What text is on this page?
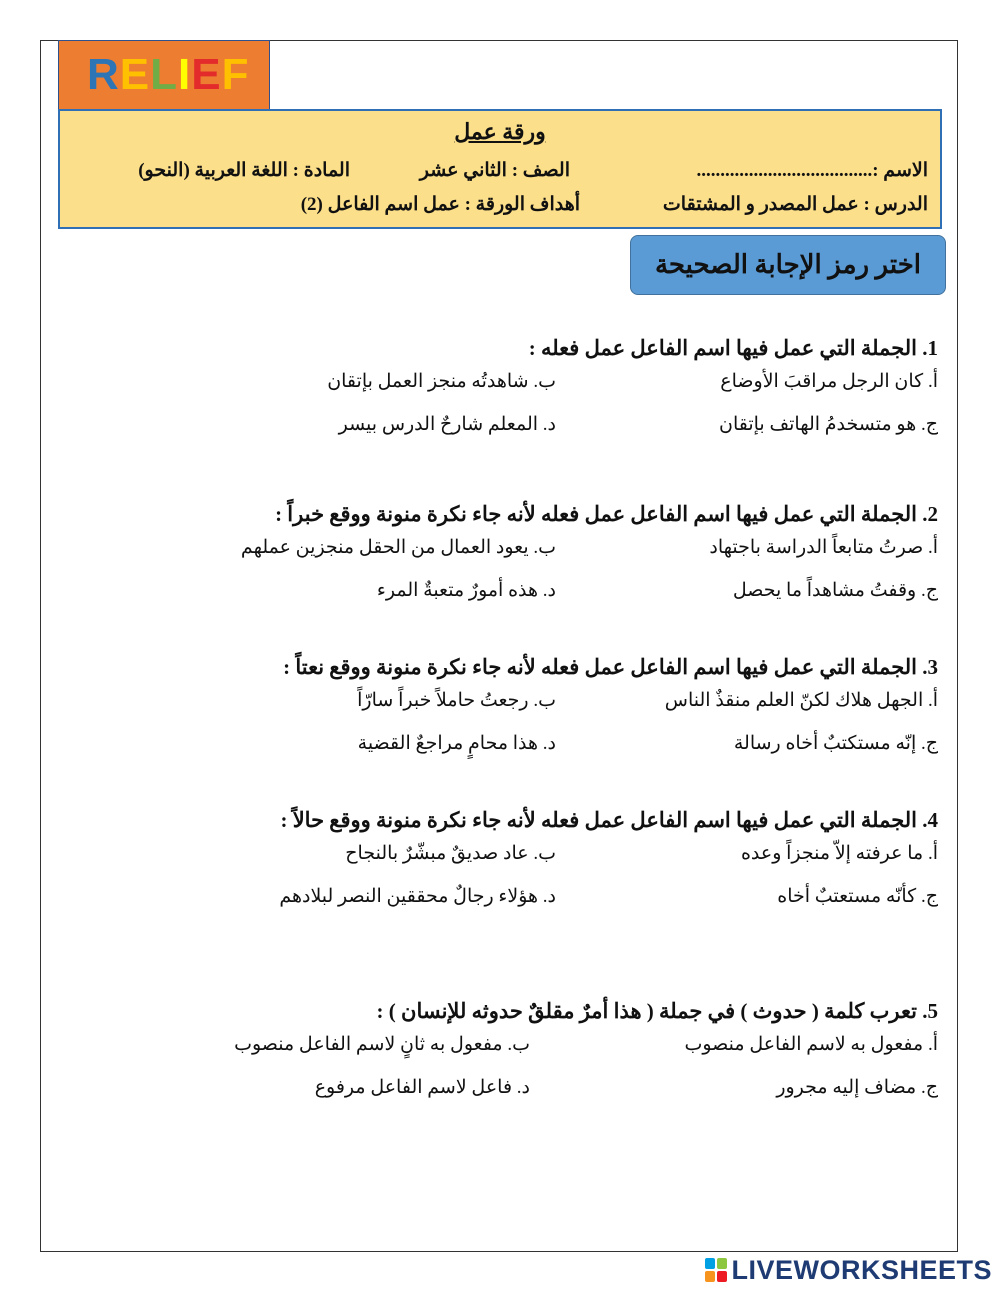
R E L I E F
ورقة عمل
الاسم :.....................................
الصف : الثاني عشر
المادة : اللغة العربية (النحو)
الدرس : عمل المصدر و المشتقات
أهداف الورقة : عمل اسم الفاعل (2)
اختر رمز الإجابة الصحيحة
1. الجملة التي عمل فيها اسم الفاعل عمل فعله :
أ. كان الرجل مراقبَ الأوضاع
ب. شاهدتُه منجز العمل بإتقان
ج. هو متسخدمُ الهاتف بإتقان
د. المعلم شارحٌ الدرس بيسر
2. الجملة التي عمل فيها اسم الفاعل عمل فعله لأنه جاء نكرة منونة ووقع خبراً :
أ. صرتُ متابعاً الدراسة باجتهاد
ب. يعود العمال من الحقل منجزين عملهم
ج. وقفتُ مشاهداً ما يحصل
د. هذه أمورٌ متعبةٌ المرء
3. الجملة التي عمل فيها اسم الفاعل عمل فعله لأنه جاء نكرة منونة ووقع نعتاً :
أ. الجهل هلاك لكنّ العلم منقذٌ الناس
ب. رجعتُ حاملاً خبراً سارّاً
ج. إنّه مستكتبٌ أخاه رسالة
د. هذا محامٍ مراجعٌ القضية
4. الجملة التي عمل فيها اسم الفاعل عمل فعله لأنه جاء نكرة منونة ووقع حالاً :
أ. ما عرفته إلاّ منجزاً وعده
ب. عاد صديقٌ مبشّرٌ بالنجاح
ج. كأنّه مستعتبٌ أخاه
د. هؤلاء رجالٌ محققين النصر لبلادهم
5. تعرب كلمة ( حدوث ) في جملة ( هذا أمرٌ مقلقٌ حدوثه للإنسان ) :
أ. مفعول به لاسم الفاعل منصوب
ب. مفعول به ثانٍ لاسم الفاعل منصوب
ج. مضاف إليه مجرور
د. فاعل لاسم الفاعل مرفوع
LIVEWORKSHEETS
